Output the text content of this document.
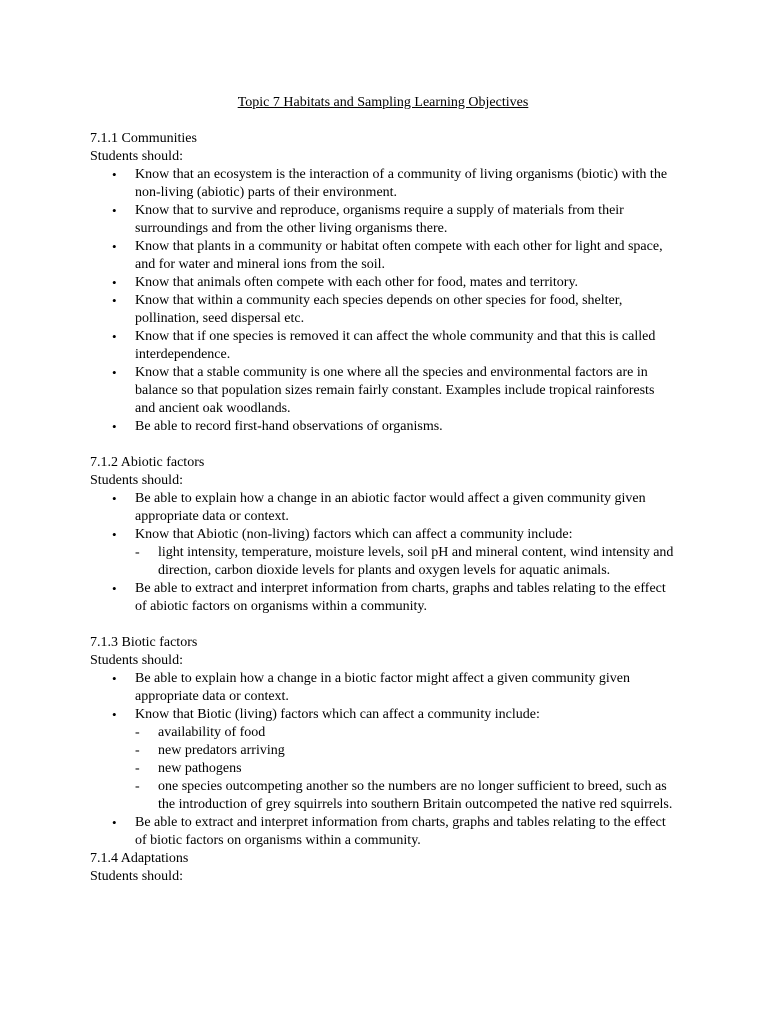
Topic 7 Habitats and Sampling Learning Objectives

7.1.1 Communities

Students should:

• Know that an ecosystem is the interaction of a community of living organisms (biotic) with the non-living (abiotic) parts of their environment.
• Know that to survive and reproduce, organisms require a supply of materials from their surroundings and from the other living organisms there.
• Know that plants in a community or habitat often compete with each other for light and space, and for water and mineral ions from the soil.
• Know that animals often compete with each other for food, mates and territory.
• Know that within a community each species depends on other species for food, shelter, pollination, seed dispersal etc.
• Know that if one species is removed it can affect the whole community and that this is called interdependence.
• Know that a stable community is one where all the species and environmental factors are in balance so that population sizes remain fairly constant. Examples include tropical rainforests and ancient oak woodlands.
• Be able to record first-hand observations of organisms.

7.1.2 Abiotic factors

Students should:

• Be able to explain how a change in an abiotic factor would affect a given community given appropriate data or context.
• Know that Abiotic (non-living) factors which can affect a community include:
- light intensity, temperature, moisture levels, soil pH and mineral content, wind intensity and direction, carbon dioxide levels for plants and oxygen levels for aquatic animals.
• Be able to extract and interpret information from charts, graphs and tables relating to the effect of abiotic factors on organisms within a community.

7.1.3 Biotic factors

Students should:

• Be able to explain how a change in a biotic factor might affect a given community given appropriate data or context.
• Know that Biotic (living) factors which can affect a community include:
- availability of food
- new predators arriving
- new pathogens
- one species outcompeting another so the numbers are no longer sufficient to breed, such as the introduction of grey squirrels into southern Britain outcompeted the native red squirrels.
• Be able to extract and interpret information from charts, graphs and tables relating to the effect of biotic factors on organisms within a community.

7.1.4 Adaptations

Students should:
